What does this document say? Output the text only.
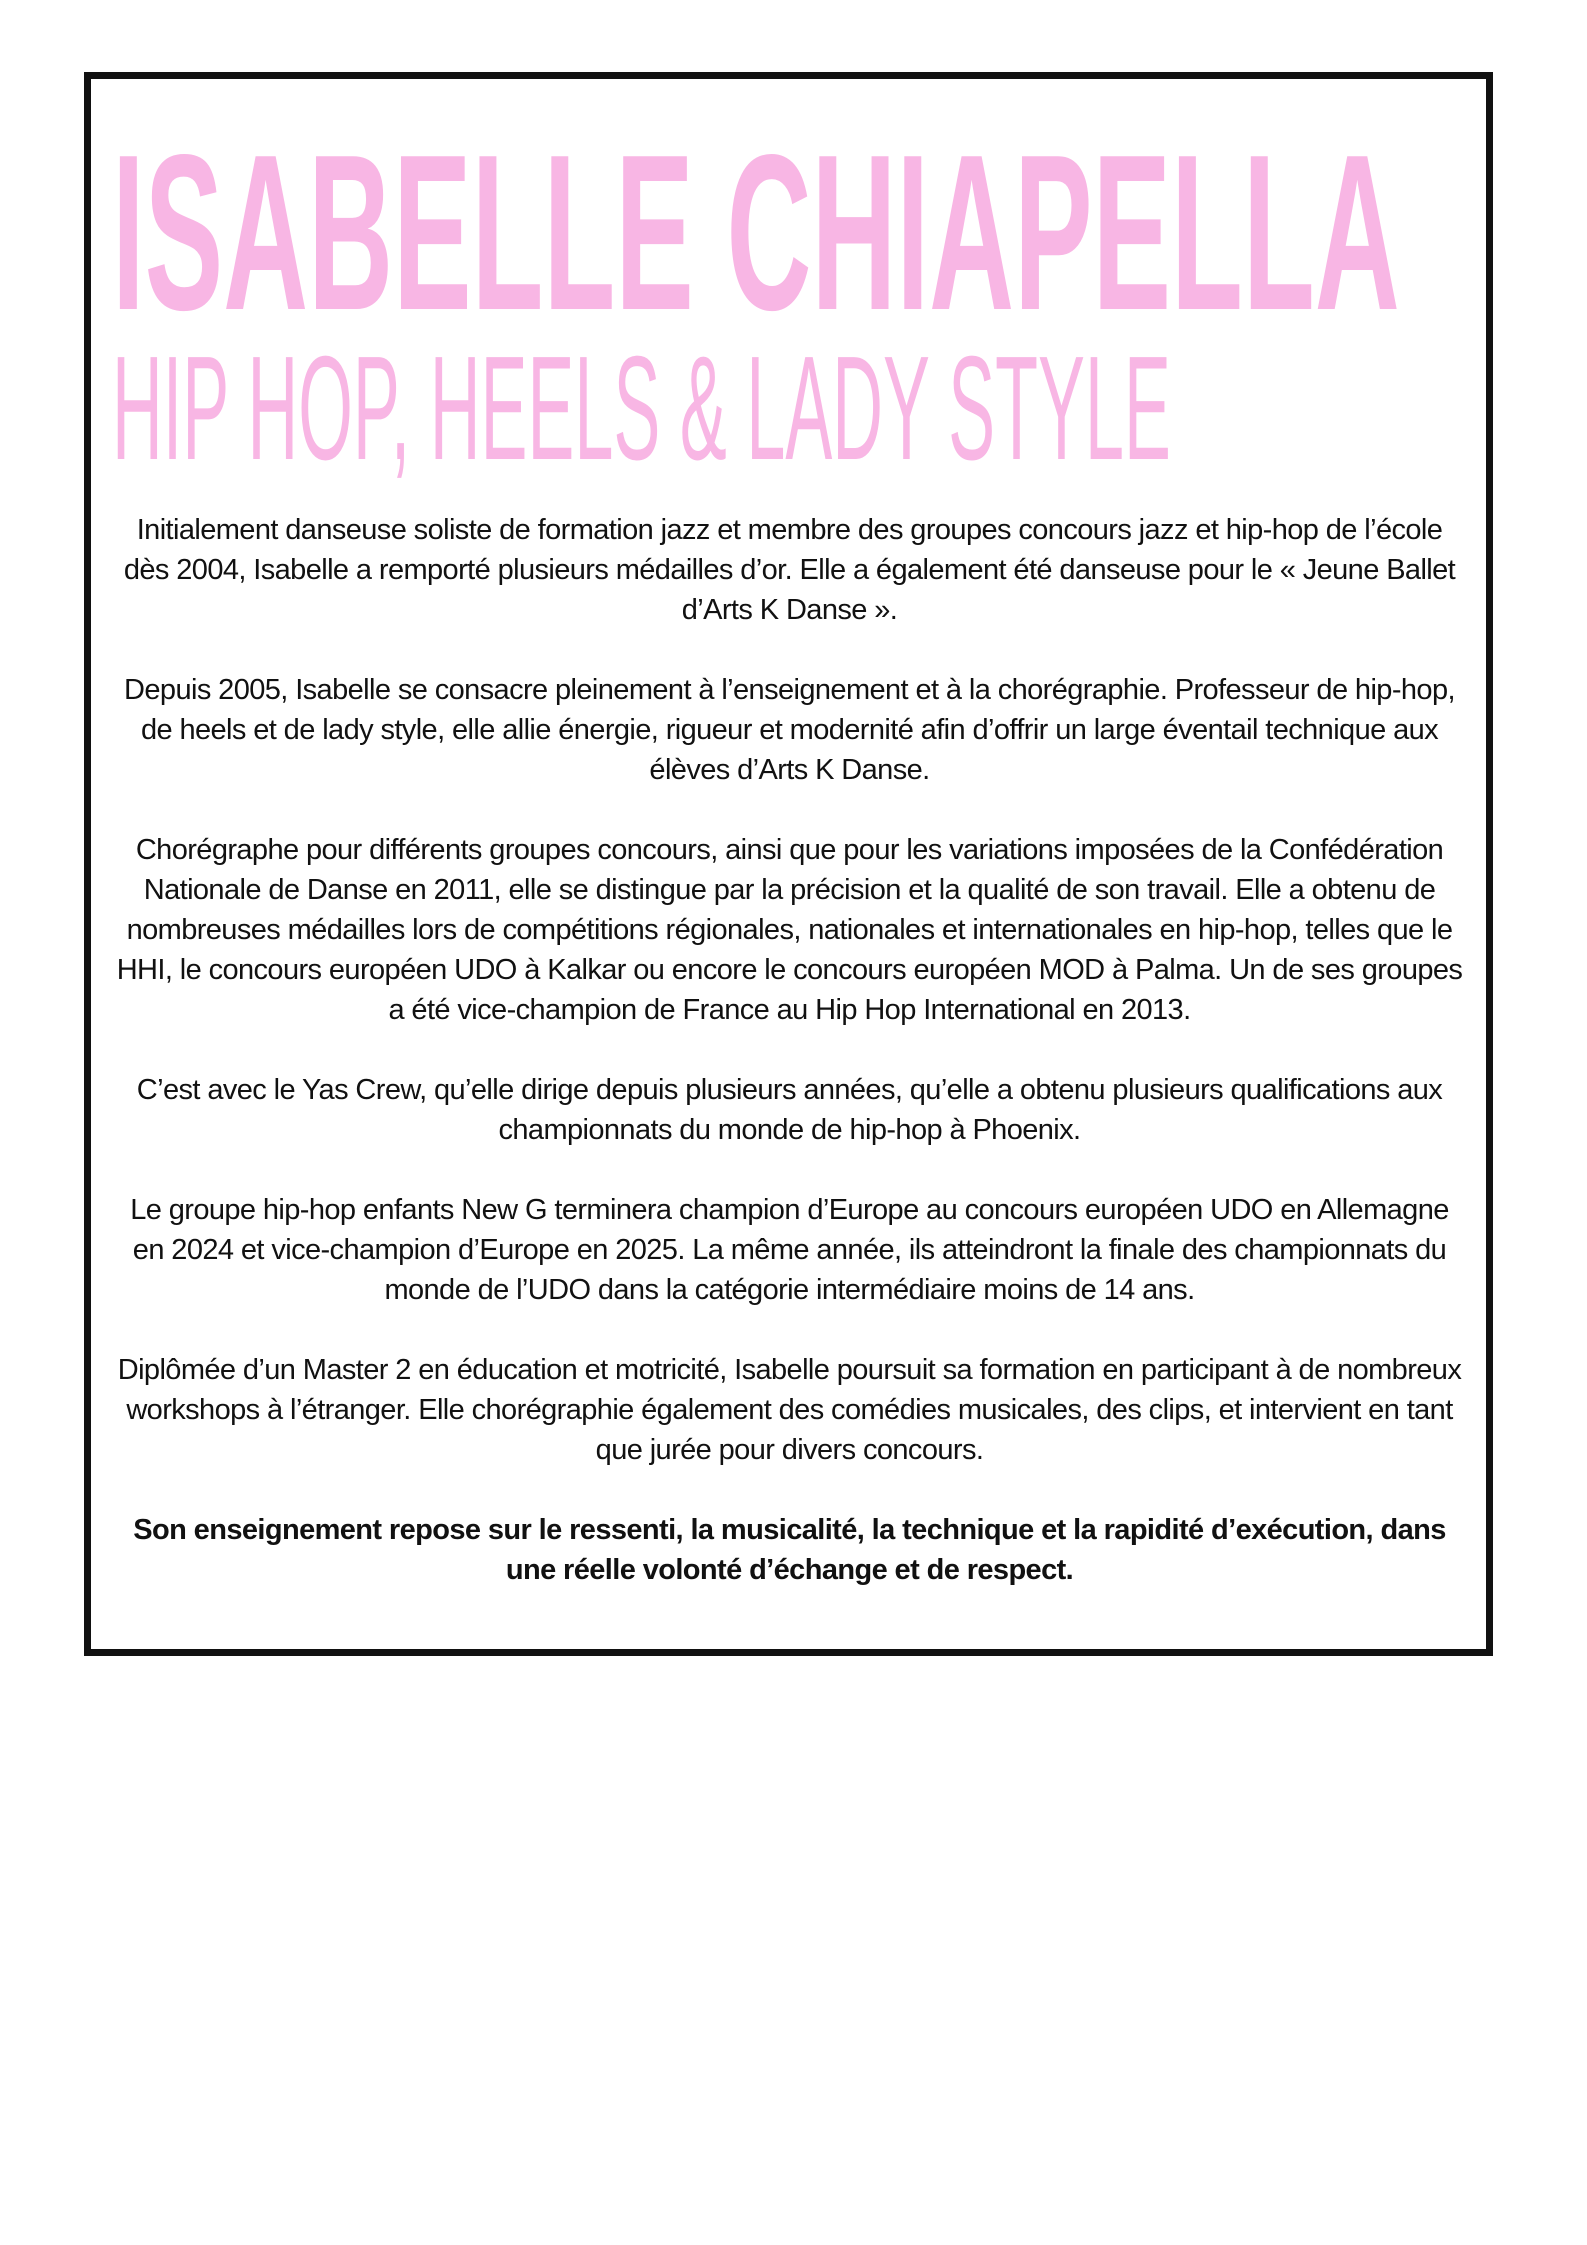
ISABELLE CHIAPELLA
HIP HOP, HEELS & LADY STYLE

Initialement danseuse soliste de formation jazz et membre des groupes concours jazz et hip-hop de l’école dès 2004, Isabelle a remporté plusieurs médailles d’or. Elle a également été danseuse pour le « Jeune Ballet d’Arts K Danse ».

Depuis 2005, Isabelle se consacre pleinement à l’enseignement et à la chorégraphie. Professeur de hip-hop, de heels et de lady style, elle allie énergie, rigueur et modernité afin d’offrir un large éventail technique aux élèves d’Arts K Danse.

Chorégraphe pour différents groupes concours, ainsi que pour les variations imposées de la Confédération Nationale de Danse en 2011, elle se distingue par la précision et la qualité de son travail. Elle a obtenu de nombreuses médailles lors de compétitions régionales, nationales et internationales en hip-hop, telles que le HHI, le concours européen UDO à Kalkar ou encore le concours européen MOD à Palma. Un de ses groupes a été vice-champion de France au Hip Hop International en 2013.

C’est avec le Yas Crew, qu’elle dirige depuis plusieurs années, qu’elle a obtenu plusieurs qualifications aux championnats du monde de hip-hop à Phoenix.

Le groupe hip-hop enfants New G terminera champion d’Europe au concours européen UDO en Allemagne en 2024 et vice-champion d’Europe en 2025. La même année, ils atteindront la finale des championnats du monde de l’UDO dans la catégorie intermédiaire moins de 14 ans.

Diplômée d’un Master 2 en éducation et motricité, Isabelle poursuit sa formation en participant à de nombreux workshops à l’étranger. Elle chorégraphie également des comédies musicales, des clips, et intervient en tant que jurée pour divers concours.

Son enseignement repose sur le ressenti, la musicalité, la technique et la rapidité d’exécution, dans une réelle volonté d’échange et de respect.
